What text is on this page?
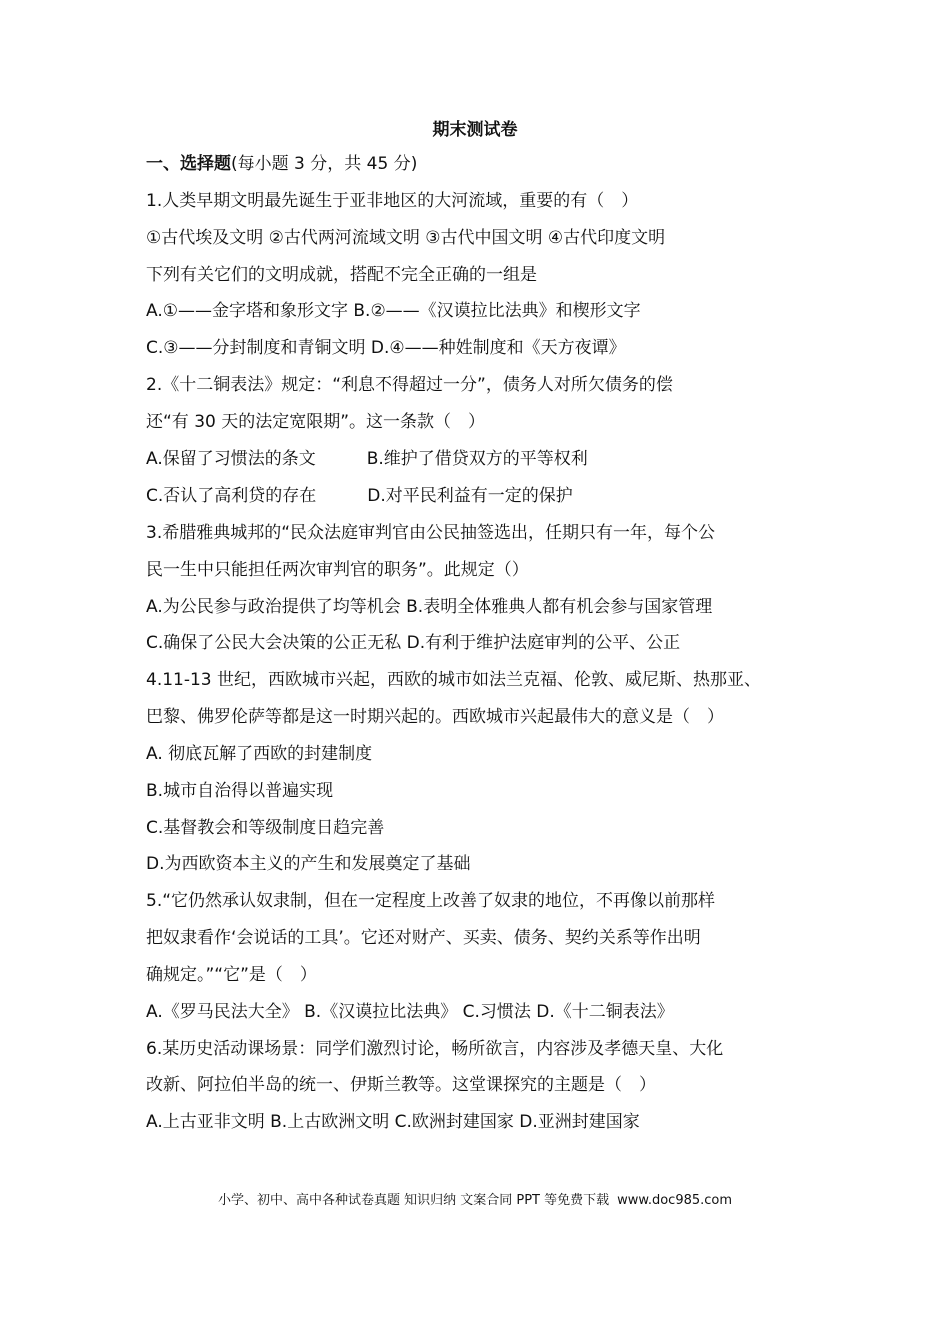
期末测试卷
一、选择题(每小题 3 分，共 45 分)
1.人类早期文明最先诞生于亚非地区的大河流域，重要的有（　）
①古代埃及文明 ②古代两河流域文明 ③古代中国文明 ④古代印度文明
下列有关它们的文明成就，搭配不完全正确的一组是
A.①——金字塔和象形文字 B.②——《汉谟拉比法典》和楔形文字
C.③——分封制度和青铜文明 D.④——种姓制度和《天方夜谭》
2.《十二铜表法》规定：“利息不得超过一分”，债务人对所欠债务的偿
还“有 30 天的法定宽限期”。这一条款（　）
A.保留了习惯法的条文　　　B.维护了借贷双方的平等权利
C.否认了高利贷的存在　　　D.对平民利益有一定的保护
3.希腊雅典城邦的“民众法庭审判官由公民抽签选出，任期只有一年，每个公
民一生中只能担任两次审判官的职务”。此规定（）
A.为公民参与政治提供了均等机会 B.表明全体雅典人都有机会参与国家管理
C.确保了公民大会决策的公正无私 D.有利于维护法庭审判的公平、公正
4.11-13 世纪，西欧城市兴起，西欧的城市如法兰克福、伦敦、威尼斯、热那亚、
巴黎、佛罗伦萨等都是这一时期兴起的。西欧城市兴起最伟大的意义是（　）
A. 彻底瓦解了西欧的封建制度
B.城市自治得以普遍实现
C.基督教会和等级制度日趋完善
D.为西欧资本主义的产生和发展奠定了基础
5.“它仍然承认奴隶制，但在一定程度上改善了奴隶的地位，不再像以前那样
把奴隶看作‘会说话的工具’。它还对财产、买卖、债务、契约关系等作出明
确规定。”“它”是（　）
A.《罗马民法大全》 B.《汉谟拉比法典》 C.习惯法 D.《十二铜表法》
6.某历史活动课场景：同学们激烈讨论，畅所欲言，内容涉及孝德天皇、大化
改新、阿拉伯半岛的统一、伊斯兰教等。这堂课探究的主题是（　）
A.上古亚非文明 B.上古欧洲文明 C.欧洲封建国家 D.亚洲封建国家
小学、初中、高中各种试卷真题 知识归纳 文案合同 PPT 等免费下载 www.doc985.com
